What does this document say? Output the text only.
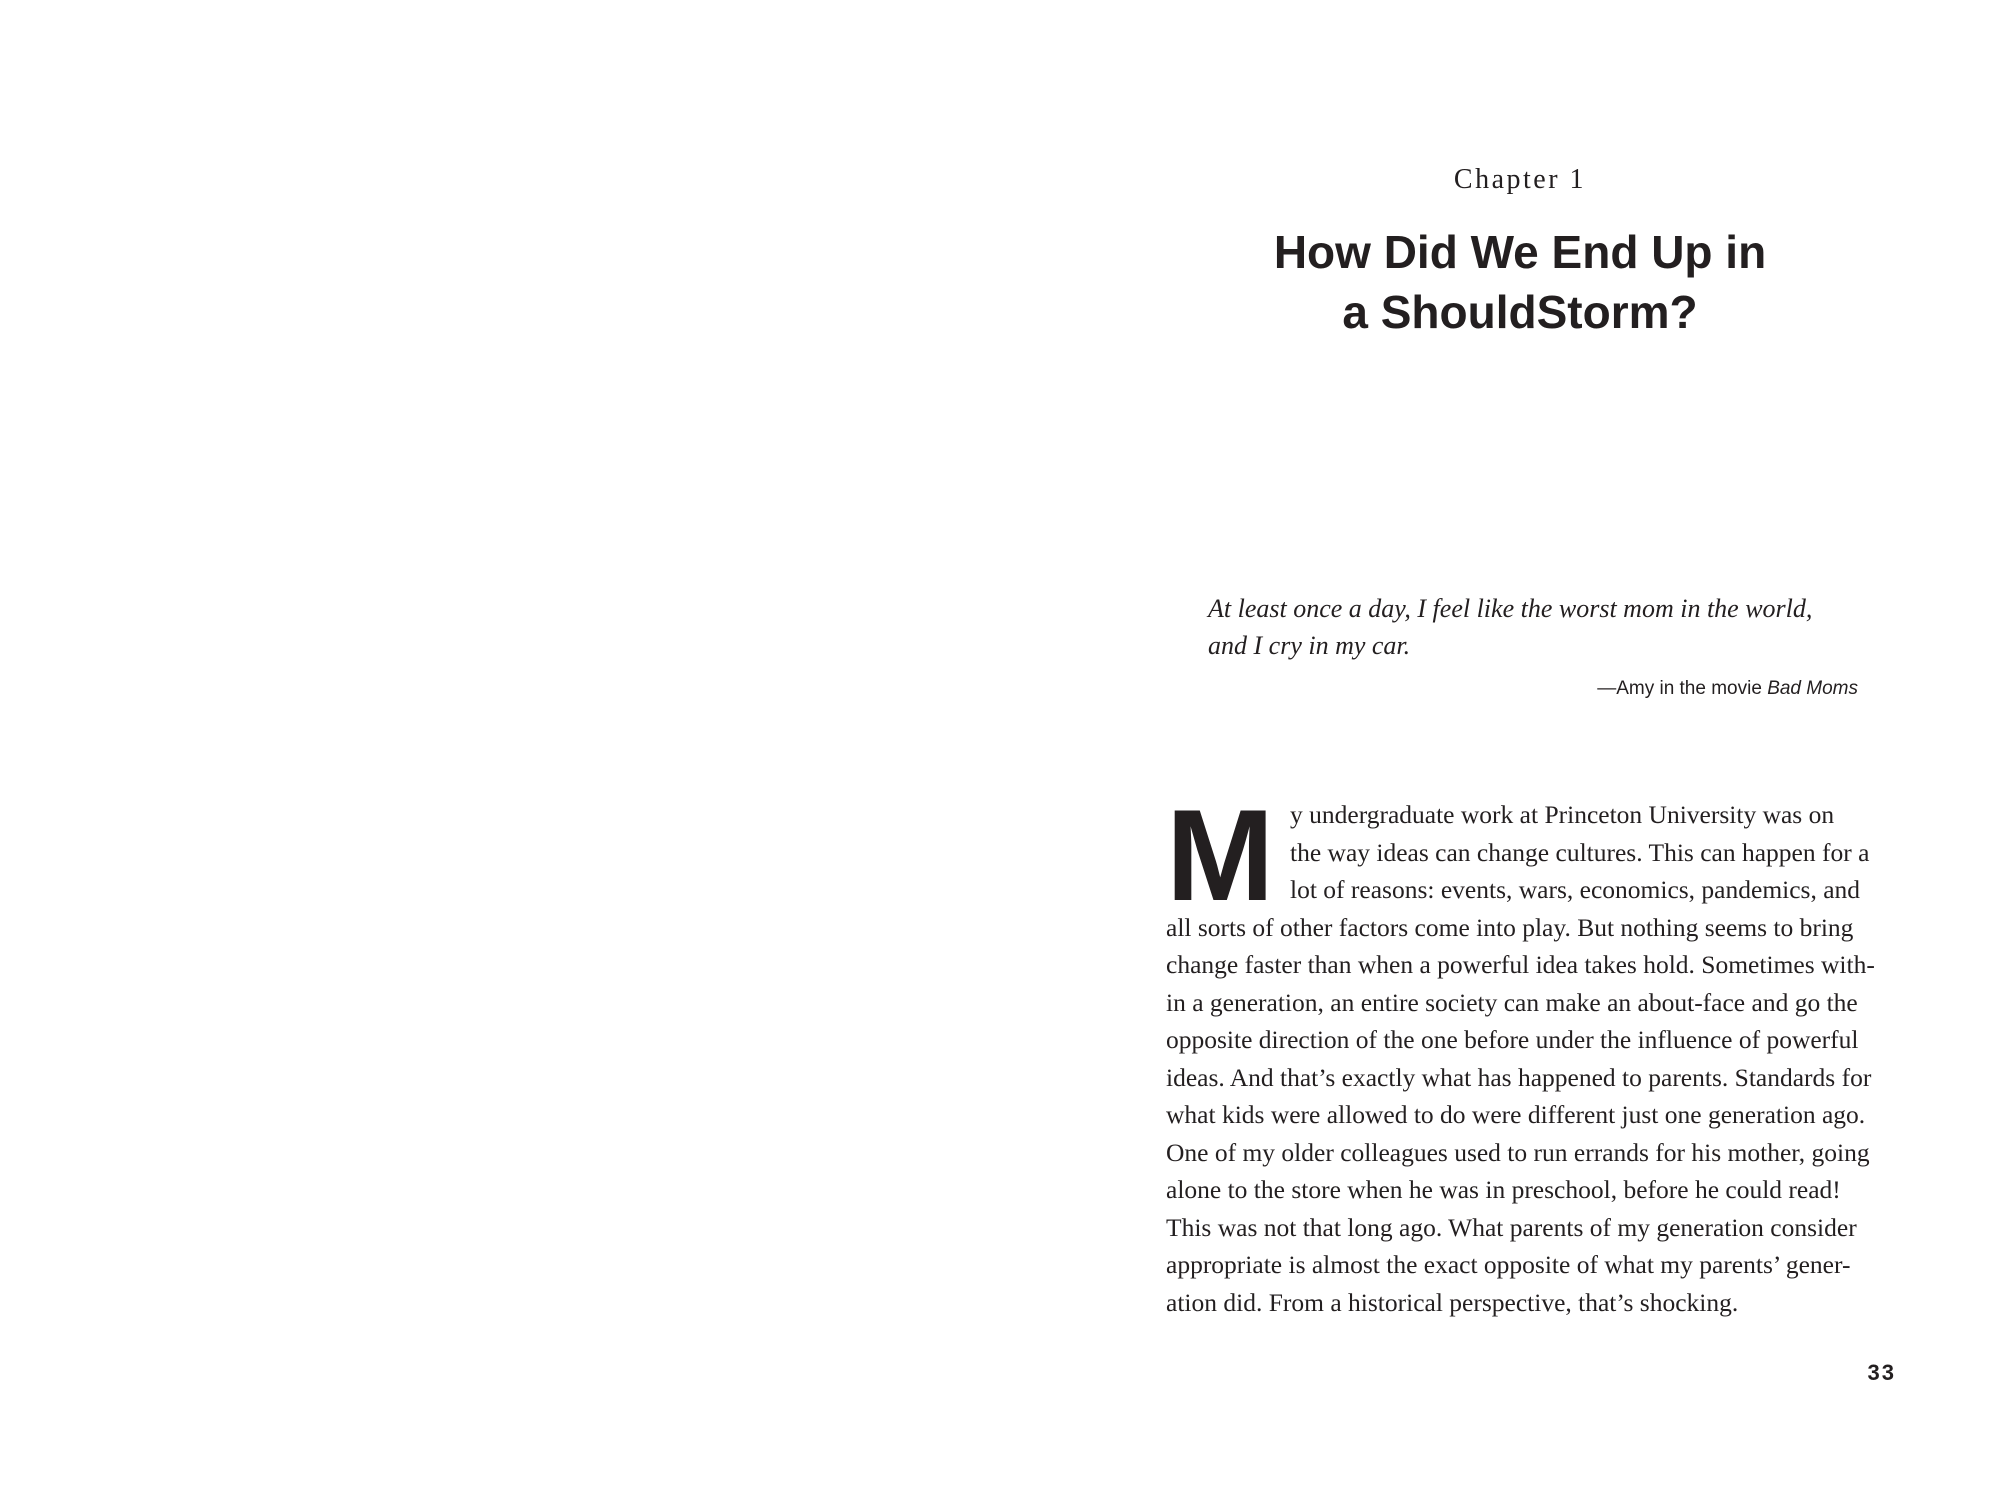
Chapter 1
How Did We End Up in
a ShouldStorm?
At least once a day, I feel like the worst mom in the world,
and I cry in my car.
—Amy in the movie Bad Moms
M y undergraduate work at Princeton University was on
the way ideas can change cultures. This can happen for a
lot of reasons: events, wars, economics, pandemics, and
all sorts of other factors come into play. But nothing seems to bring
change faster than when a powerful idea takes hold. Sometimes with-
in a generation, an entire society can make an about-face and go the
opposite direction of the one before under the influence of powerful
ideas. And that’s exactly what has happened to parents. Standards for
what kids were allowed to do were different just one generation ago.
One of my older colleagues used to run errands for his mother, going
alone to the store when he was in preschool, before he could read!
This was not that long ago. What parents of my generation consider
appropriate is almost the exact opposite of what my parents’ gener-
ation did. From a historical perspective, that’s shocking.
33
